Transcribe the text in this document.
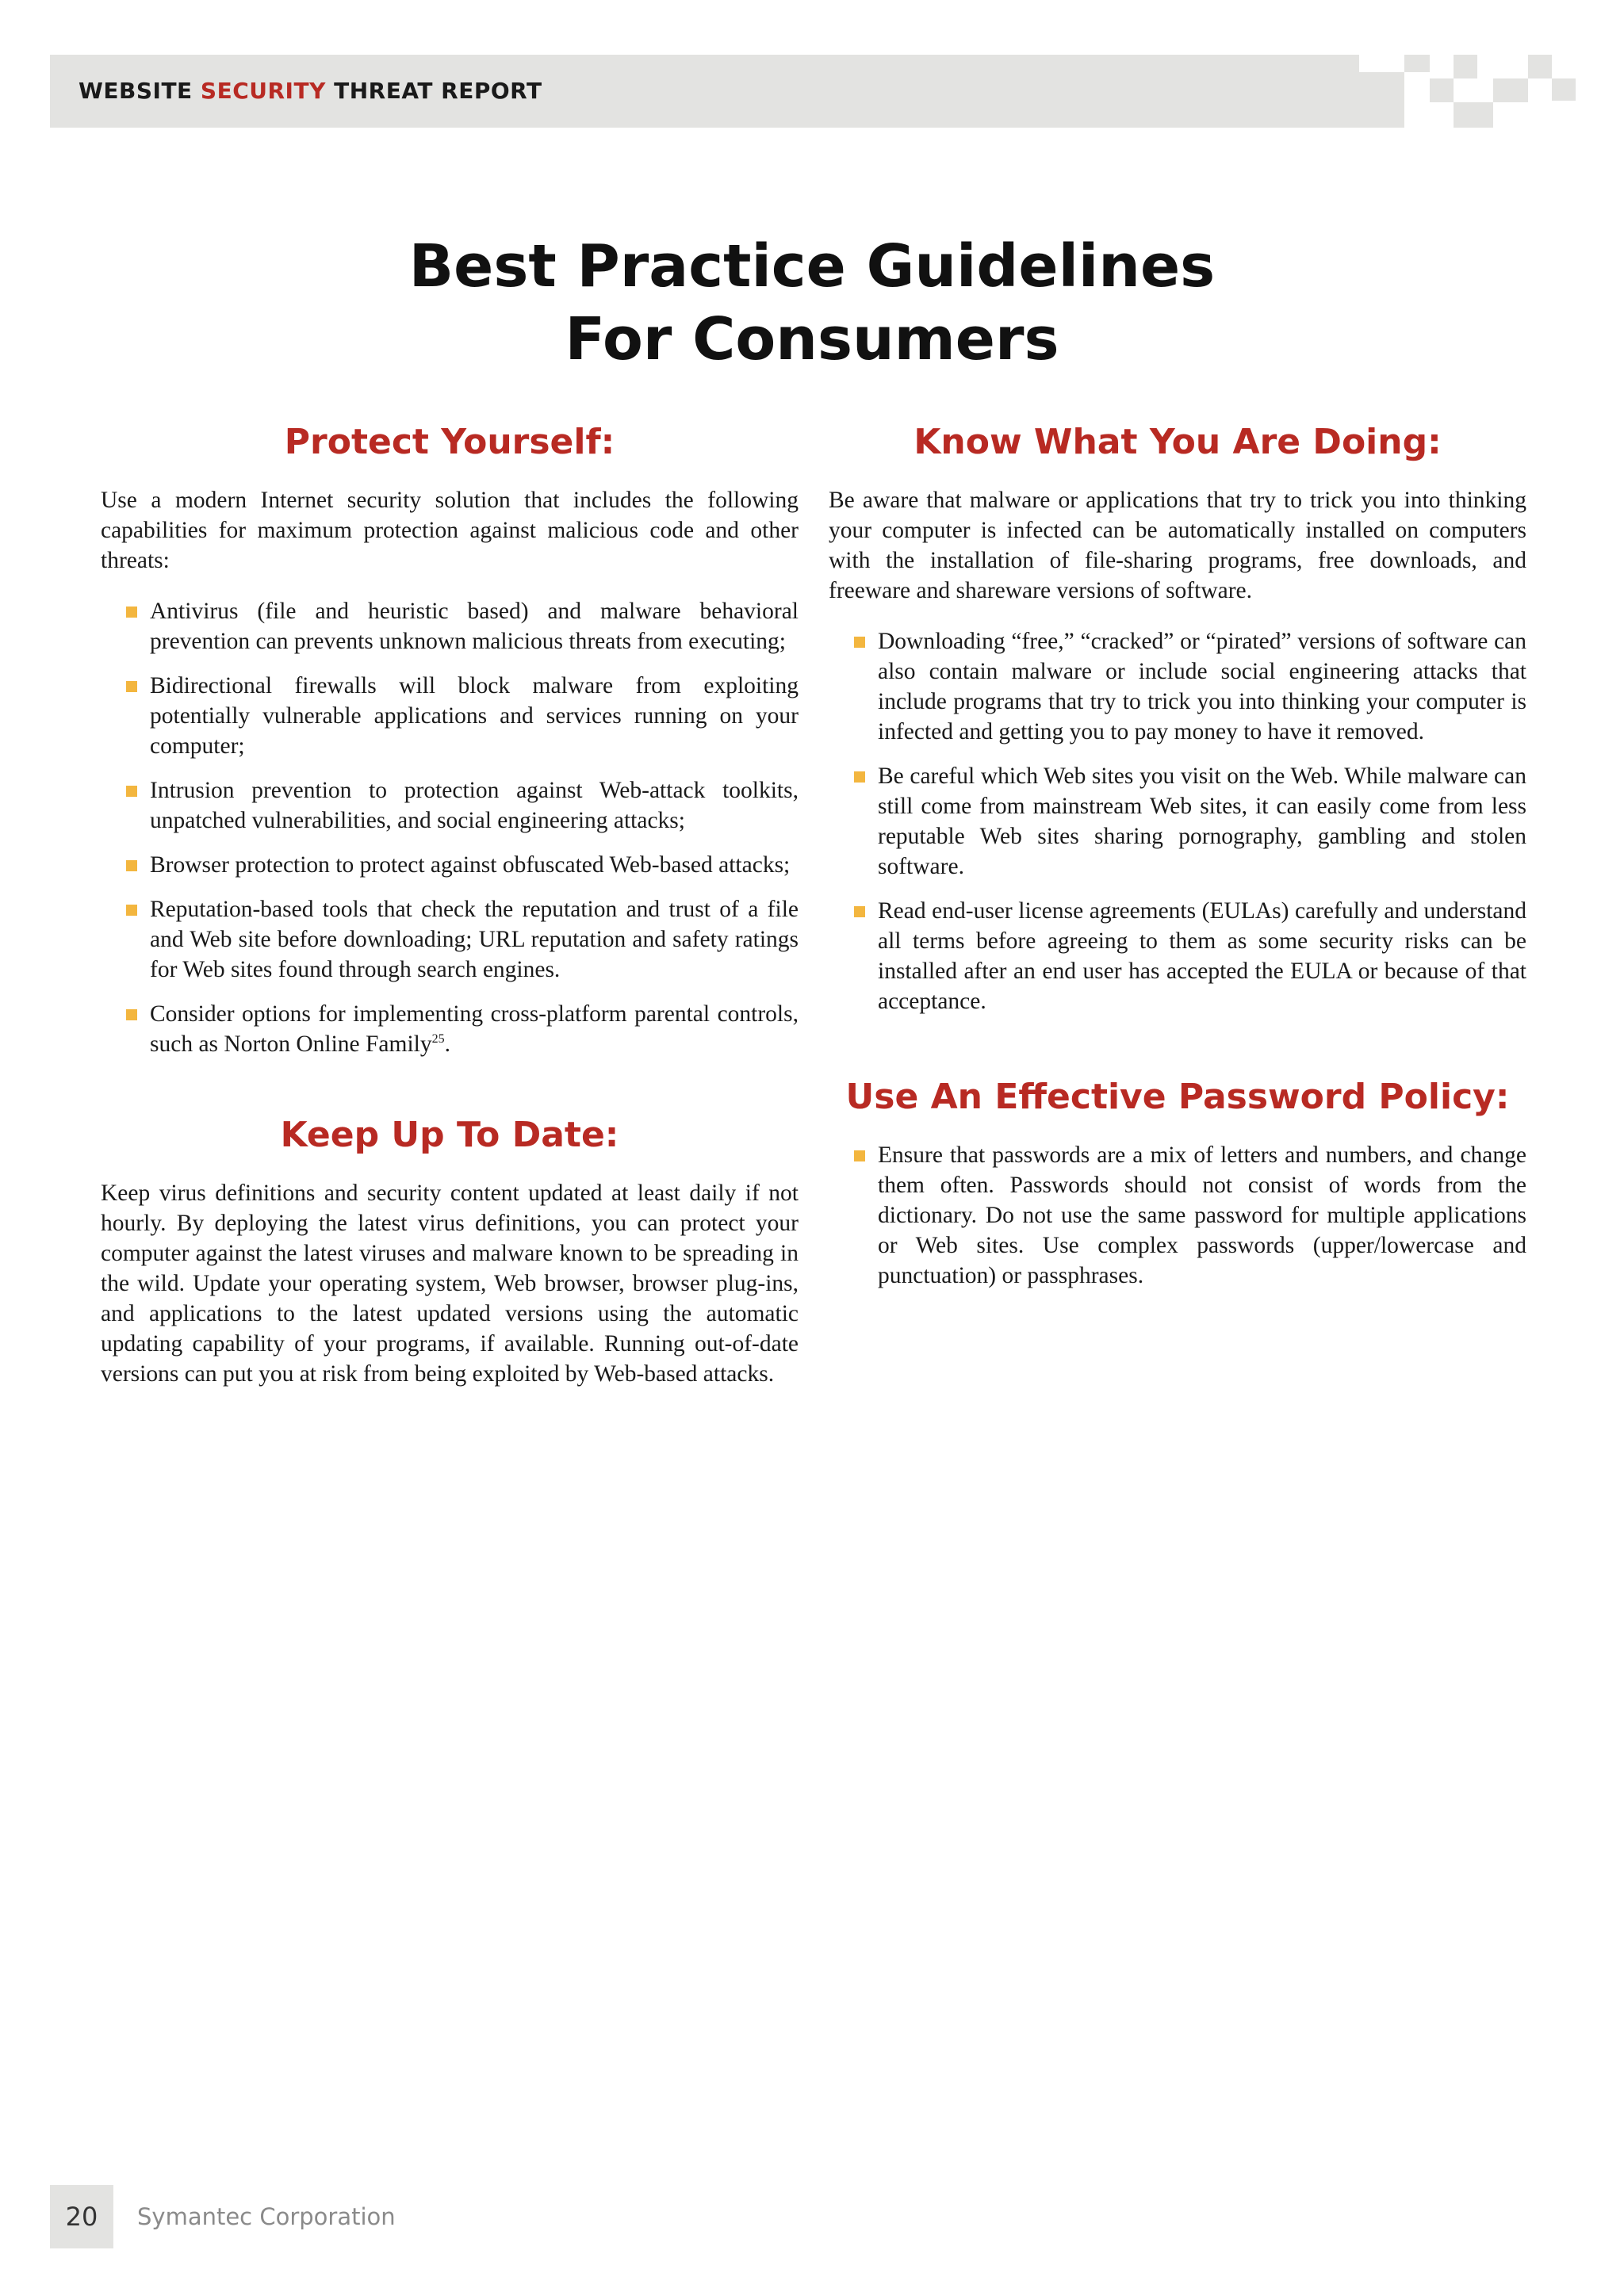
WEBSITE SECURITY THREAT REPORT
Best Practice Guidelines
For Consumers
Protect Yourself:

Use a modern Internet security solution that includes the following capabilities for maximum protection against malicious code and other threats:

Antivirus (file and heuristic based) and malware behavioral prevention can prevents unknown malicious threats from executing;
Bidirectional firewalls will block malware from exploiting potentially vulnerable applications and services running on your computer;
Intrusion prevention to protection against Web-attack toolkits, unpatched vulnerabilities, and social engineering attacks;
Browser protection to protect against obfuscated Web-based attacks;
Reputation-based tools that check the reputation and trust of a file and Web site before downloading; URL reputation and safety ratings for Web sites found through search engines.
Consider options for implementing cross-platform parental controls, such as Norton Online Family$^{25}$.
Keep Up To Date:

Keep virus definitions and security content updated at least daily if not hourly. By deploying the latest virus definitions, you can protect your computer against the latest viruses and malware known to be spreading in the wild. Update your operating system, Web browser, browser plug-ins, and applications to the latest updated versions using the automatic updating capability of your programs, if available. Running out-of-date versions can put you at risk from being exploited by Web-based attacks.

Know What You Are Doing:

Be aware that malware or applications that try to trick you into thinking your computer is infected can be automatically installed on computers with the installation of file-sharing programs, free downloads, and freeware and shareware versions of software.

Downloading “free,” “cracked” or “pirated” versions of software can also contain malware or include social engineering attacks that include programs that try to trick you into thinking your computer is infected and getting you to pay money to have it removed.
Be careful which Web sites you visit on the Web. While malware can still come from mainstream Web sites, it can easily come from less reputable Web sites sharing pornography, gambling and stolen software.
Read end-user license agreements (EULAs) carefully and understand all terms before agreeing to them as some security risks can be installed after an end user has accepted the EULA or because of that acceptance.
Use An Effective Password Policy:
Ensure that passwords are a mix of letters and numbers, and change them often. Passwords should not consist of words from the dictionary. Do not use the same password for multiple applications or Web sites. Use complex passwords (upper/lowercase and punctuation) or passphrases.
20	Symantec Corporation
